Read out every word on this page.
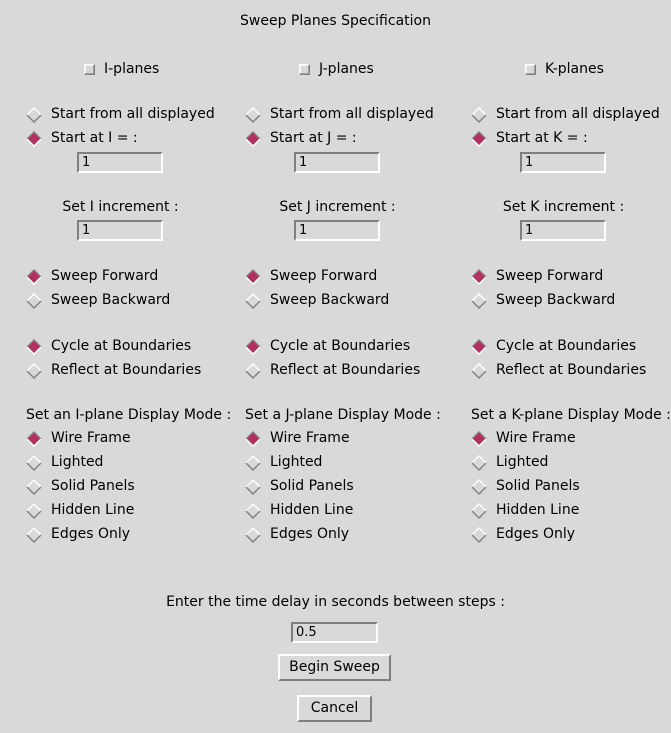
Sweep Planes Specification
I-planes
Start from all displayed
Start at I = :
1
Set I increment :
1
Sweep Forward
Sweep Backward
Cycle at Boundaries
Reflect at Boundaries
Set an I-plane Display Mode :
Wire Frame
Lighted
Solid Panels
Hidden Line
Edges Only
J-planes
Start from all displayed
Start at J = :
1
Set J increment :
1
Sweep Forward
Sweep Backward
Cycle at Boundaries
Reflect at Boundaries
Set a J-plane Display Mode :
Wire Frame
Lighted
Solid Panels
Hidden Line
Edges Only
K-planes
Start from all displayed
Start at K = :
1
Set K increment :
1
Sweep Forward
Sweep Backward
Cycle at Boundaries
Reflect at Boundaries
Set a K-plane Display Mode :
Wire Frame
Lighted
Solid Panels
Hidden Line
Edges Only
Enter the time delay in seconds between steps :
0.5
Begin Sweep
Cancel
